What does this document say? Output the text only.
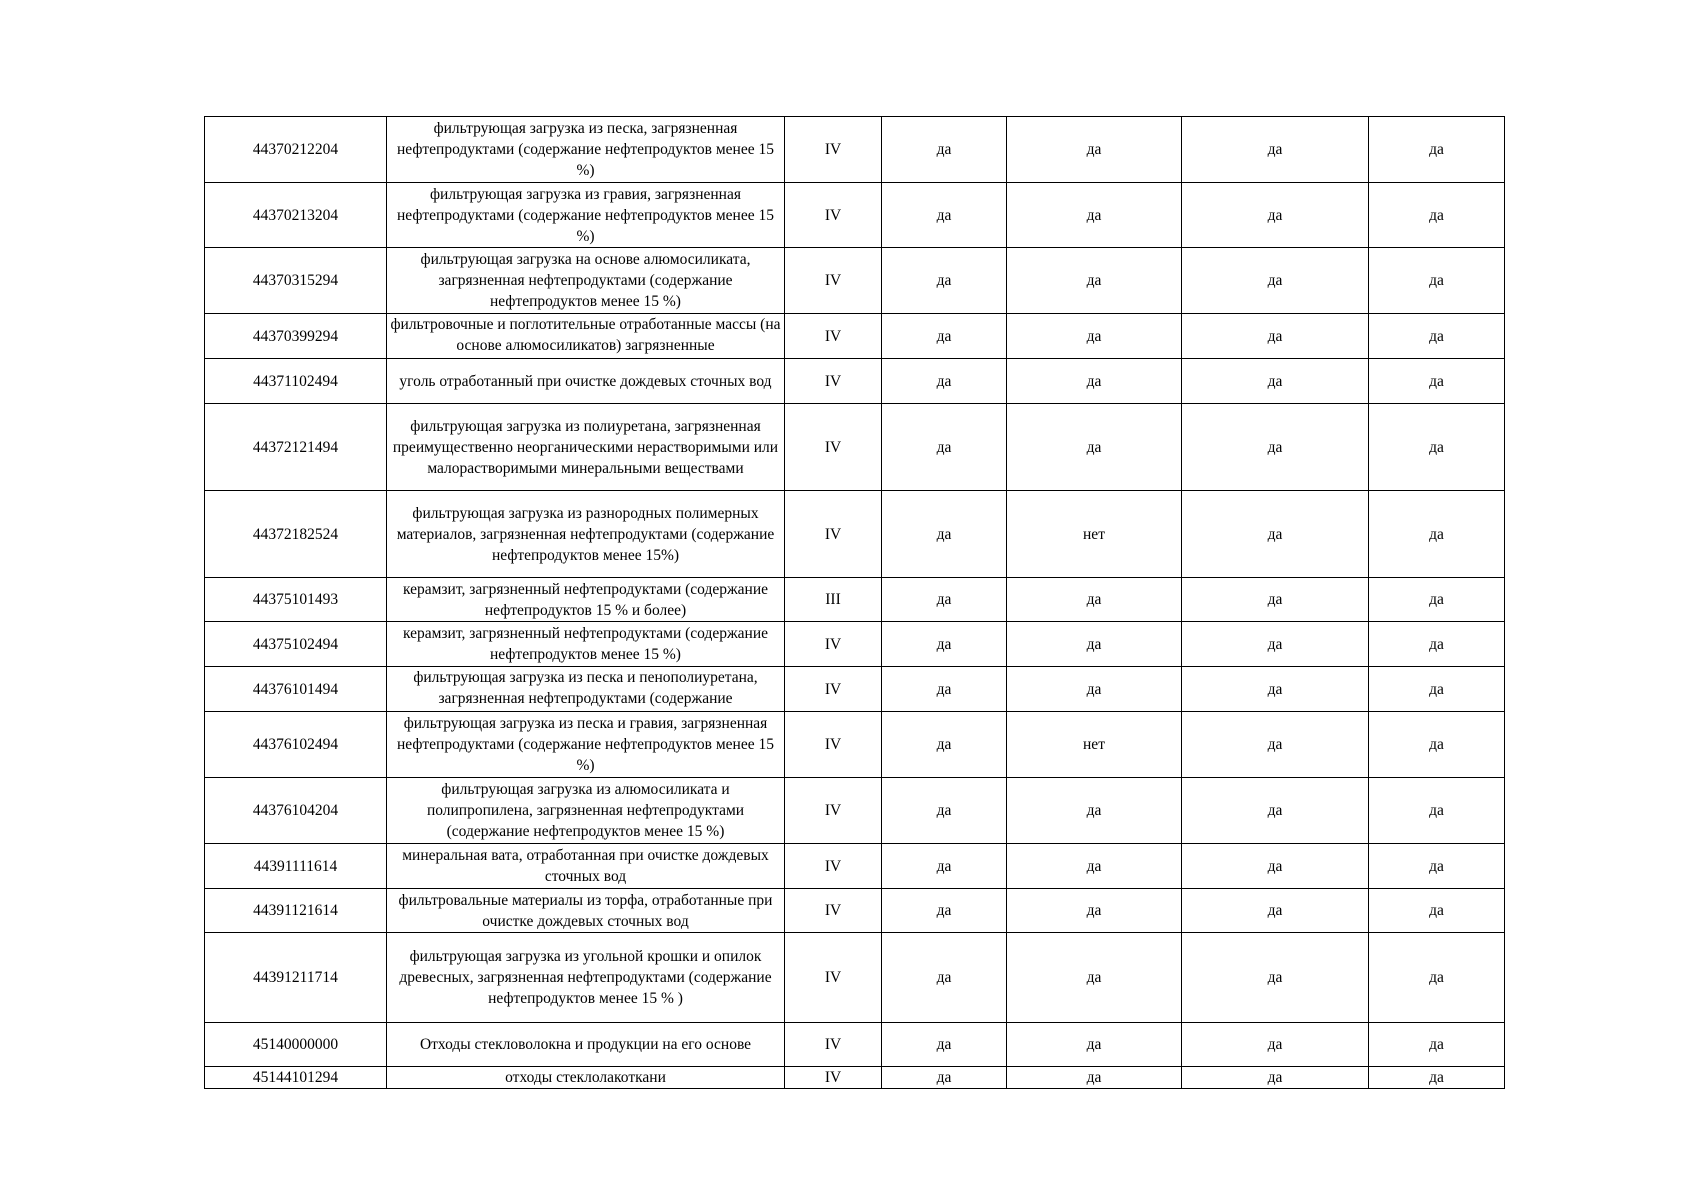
44370212204	фильтрующая загрузка из песка, загрязненная нефтепродуктами (содержание нефтепродуктов менее 15 %)	IV	да	да	да	да
44370213204	фильтрующая загрузка из гравия, загрязненная нефтепродуктами (содержание нефтепродуктов менее 15 %)	IV	да	да	да	да
44370315294	фильтрующая загрузка на основе алюмосиликата, загрязненная нефтепродуктами (содержание нефтепродуктов менее 15 %)	IV	да	да	да	да
44370399294	фильтровочные и поглотительные отработанные массы (на основе алюмосиликатов) загрязненные	IV	да	да	да	да
44371102494	уголь отработанный при очистке дождевых сточных вод	IV	да	да	да	да
44372121494	фильтрующая загрузка из полиуретана, загрязненная преимущественно неорганическими нерастворимыми или малорастворимыми минеральными веществами	IV	да	да	да	да
44372182524	фильтрующая загрузка из разнородных полимерных материалов, загрязненная нефтепродуктами (содержание нефтепродуктов менее 15%)	IV	да	нет	да	да
44375101493	керамзит, загрязненный нефтепродуктами (содержание нефтепродуктов 15 % и более)	III	да	да	да	да
44375102494	керамзит, загрязненный нефтепродуктами (содержание нефтепродуктов менее 15 %)	IV	да	да	да	да
44376101494	фильтрующая загрузка из песка и пенополиуретана, загрязненная нефтепродуктами (содержание	IV	да	да	да	да
44376102494	фильтрующая загрузка из песка и гравия, загрязненная нефтепродуктами (содержание нефтепродуктов менее 15 %)	IV	да	нет	да	да
44376104204	фильтрующая загрузка из алюмосиликата и полипропилена, загрязненная нефтепродуктами (содержание нефтепродуктов менее 15 %)	IV	да	да	да	да
44391111614	минеральная вата, отработанная при очистке дождевых сточных вод	IV	да	да	да	да
44391121614	фильтровальные материалы из торфа, отработанные при очистке дождевых сточных вод	IV	да	да	да	да
44391211714	фильтрующая загрузка из угольной крошки и опилок древесных, загрязненная нефтепродуктами (содержание нефтепродуктов менее 15 % )	IV	да	да	да	да
45140000000	Отходы стекловолокна и продукции на его основе	IV	да	да	да	да
45144101294	отходы стеклолакоткани	IV	да	да	да	да
